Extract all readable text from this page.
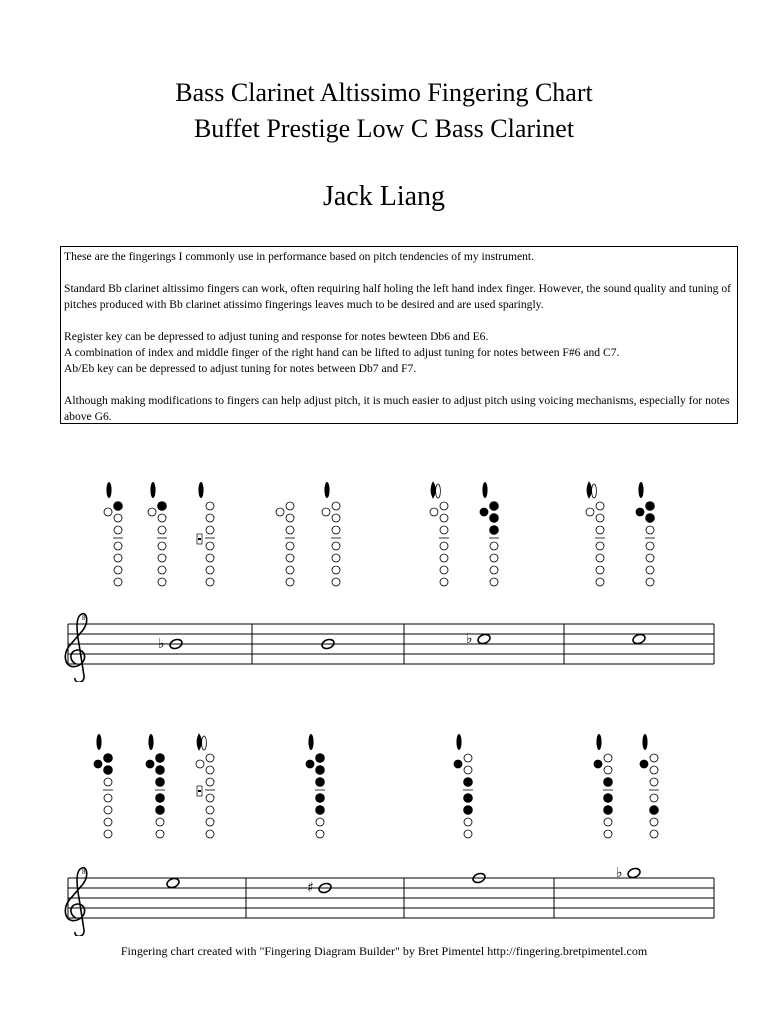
Bass Clarinet Altissimo Fingering Chart
Buffet Prestige Low C Bass Clarinet
Jack Liang

These are the fingerings I commonly use in performance based on pitch tendencies of my instrument.

Standard Bb clarinet altissimo fingers can work, often requiring half holing the left hand index finger. However, the sound quality and tuning of pitches produced with Bb clarinet atissimo fingerings leaves much to be desired and are used sparingly.

Register key can be depressed to adjust tuning and response for notes bewteen Db6 and E6.
A combination of index and middle finger of the right hand can be lifted to adjust tuning for notes between F#6 and C7.
Ab/Eb key can be depressed to adjust tuning for notes between Db7 and F7.

Although making modifications to fingers can help adjust pitch, it is much easier to adjust pitch using voicing mechanisms, especially for notes above G6.

8
♭	♭
8
♯
♭
Fingering chart created with "Fingering Diagram Builder" by Bret Pimentel http://fingering.bretpimentel.com
